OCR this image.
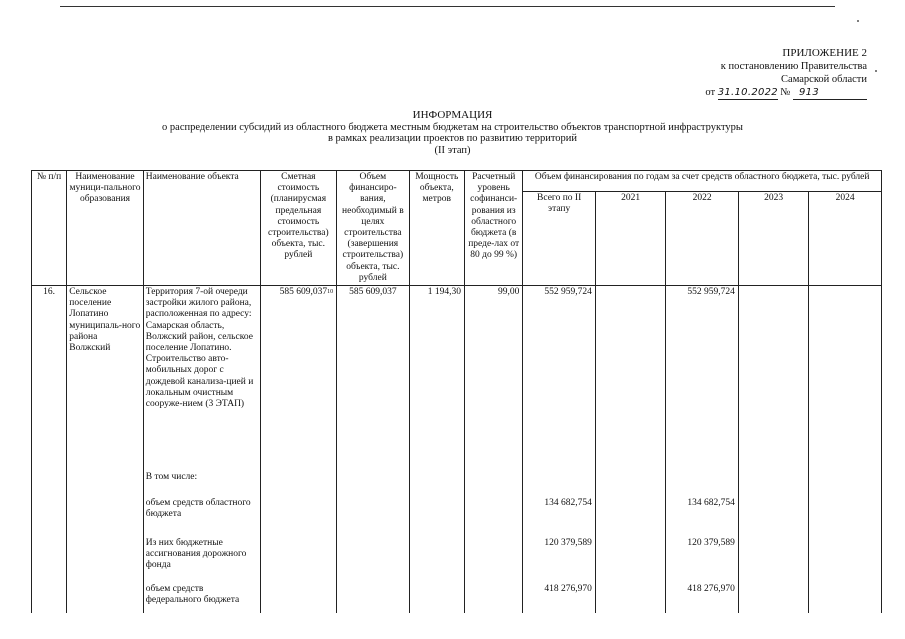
ПРИЛОЖЕНИЕ 2
к постановлению Правительства
Самарской области
от 31.10.2022 № 913
ИНФОРМАЦИЯ
о распределении субсидий из областного бюджета местным бюджетам на строительство объектов транспортной инфраструктуры
в рамках реализации проектов по развитию территорий
(II этап)
№ п/п	Наименование муници-пального образования	Наименование объекта	Сметная стоимость (планирусмая предельная стоимость строительства) объекта, тыс. рублей	Объем финансиро-вания, необходимый в целях строительства (завершения строительства) объекта, тыс. рублей	Мощность объекта, метров	Расчетный уровень софинанси-рования из областного бюджета (в преде-лах от 80 до 99 %)	Объем финансирования по годам за счет средств областного бюджета, тыс. рублей				
							Всего по II этапу	2021	2022	2023	2024
16.	Сельское поселение Лопатино муниципаль-ного района Волжский	Территория 7-ой очереди застройки жилого района, расположенная по адресу: Самарская область, Волжский район, сельское поселение Лопатино. Строительство авто-мобильных дорог с дождевой канализа-цией и локальным очистным сооруже-нием (3 ЭТАП)	585 609,037$^{10}$	585 609,037	1 194,30	99,00	552 959,724		552 959,724		
		В том числе:									
		объем средств областного бюджета					134 682,754		134 682,754		
		Из них бюджетные ассигнования дорожного фонда					120 379,589		120 379,589		
		объем средств федерального бюджета					418 276,970		418 276,970		
